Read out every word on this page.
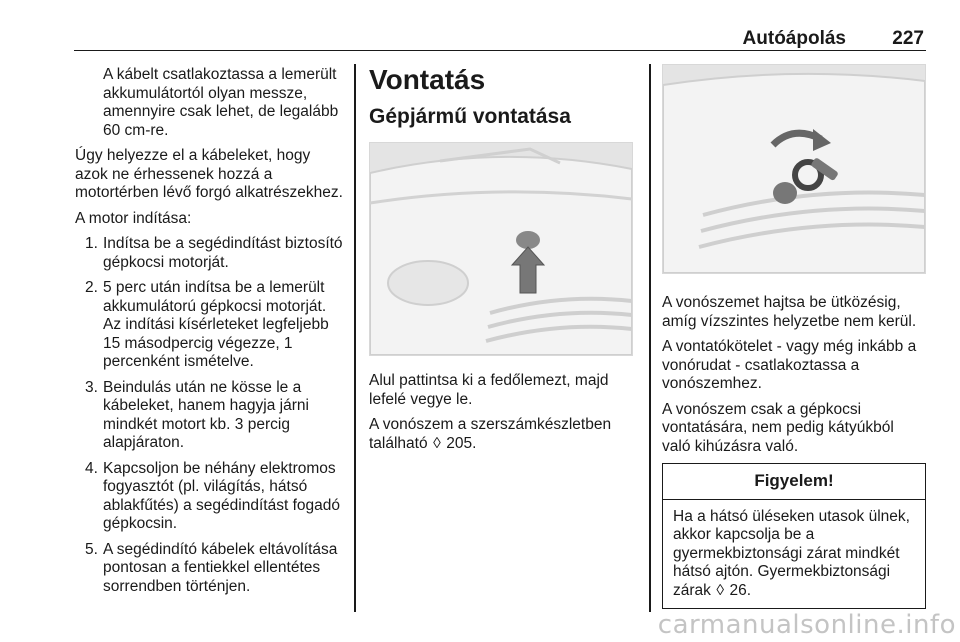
Autóápolás 227

A kábelt csatlakoztassa a lemerült akkumulátortól olyan messze, amennyire csak lehet, de legalább 60 cm-re.

Úgy helyezze el a kábeleket, hogy azok ne érhessenek hozzá a motortérben lévő forgó alkatrészekhez.

A motor indítása:

1. Indítsa be a segédindítást biztosító gépkocsi motorját.
2. 5 perc után indítsa be a lemerült akkumulátorú gépkocsi motorját. Az indítási kísérleteket legfeljebb 15 másodpercig végezze, 1 percenként ismételve.
3. Beindulás után ne kösse le a kábeleket, hanem hagyja járni mindkét motort kb. 3 percig alapjáraton.
4. Kapcsoljon be néhány elektromos fogyasztót (pl. világítás, hátsó ablakfűtés) a segédindítást fogadó gépkocsin.
5. A segédindító kábelek eltávolítása pontosan a fentiekkel ellentétes sorrendben történjen.
Vontatás
Gépjármű vontatása

Alul pattintsa ki a fedőlemezt, majd lefelé vegye le.

A vonószem a szerszámkészletben található ◊ 205.

A vonószemet hajtsa be ütközésig, amíg vízszintes helyzetbe nem kerül.

A vontatókötelet - vagy még inkább a vonórudat - csatlakoztassa a vonószemhez.

A vonószem csak a gépkocsi vontatására, nem pedig kátyúkból való kihúzásra való.

Figyelem!
Ha a hátsó üléseken utasok ülnek, akkor kapcsolja be a gyermekbiztonsági zárat mindkét hátsó ajtón. Gyermekbiztonsági zárak ◊ 26.
carmanualsonline.info
